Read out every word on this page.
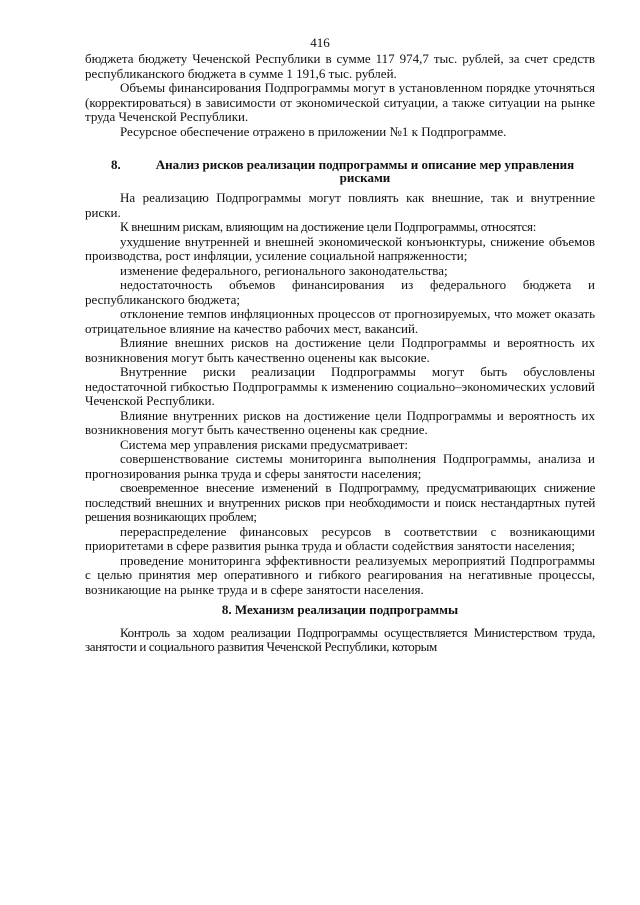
416

бюджета бюджету Чеченской Республики в сумме 117 974,7 тыс. рублей, за счет средств республиканского бюджета в сумме 1 191,6 тыс. рублей.

Объемы финансирования Подпрограммы могут в установленном порядке уточняться (корректироваться) в зависимости от экономической ситуации, а также ситуации на рынке труда Чеченской Республики.

Ресурсное обеспечение отражено в приложении №1 к Подпрограмме.

8.	Анализ рисков реализации подпрограммы и описание мер управления рисками

На реализацию Подпрограммы могут повлиять как внешние, так и внутренние риски.

К внешним рискам, влияющим на достижение цели Подпрограммы, относятся:

ухудшение внутренней и внешней экономической конъюнктуры, снижение объемов производства, рост инфляции, усиление социальной напряженности;

изменение федерального, регионального законодательства;

недостаточность объемов финансирования из федерального бюджета и республиканского бюджета;

отклонение темпов инфляционных процессов от прогнозируемых, что может оказать отрицательное влияние на качество рабочих мест, вакансий.

Влияние внешних рисков на достижение цели Подпрограммы и вероятность их возникновения могут быть качественно оценены как высокие.

Внутренние риски реализации Подпрограммы могут быть обусловлены недостаточной гибкостью Подпрограммы к изменению социально–экономических условий Чеченской Республики.

Влияние внутренних рисков на достижение цели Подпрограммы и вероятность их возникновения могут быть качественно оценены как средние.

Система мер управления рисками предусматривает:

совершенствование системы мониторинга выполнения Подпрограммы, анализа и прогнозирования рынка труда и сферы занятости населения;

своевременное внесение изменений в Подпрограмму, предусматривающих снижение последствий внешних и внутренних рисков при необходимости и поиск нестандартных путей решения возникающих проблем;

перераспределение финансовых ресурсов в соответствии с возникающими приоритетами в сфере развития рынка труда и области содействия занятости населения;

проведение мониторинга эффективности реализуемых мероприятий Подпрограммы с целью принятия мер оперативного и гибкого реагирования на негативные процессы, возникающие на рынке труда и в сфере занятости населения.

8. Механизм реализации подпрограммы

Контроль за ходом реализации Подпрограммы осуществляется Министерством труда, занятости и социального развития Чеченской Республики, которым
